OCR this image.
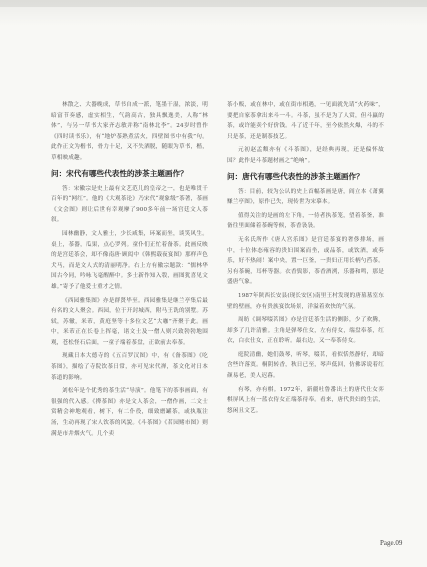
林散之、大器晚成，草书自成一派，笔墨干湿，浓淡，明暗富节奏感，虚实相生，气韵高古，独具飘逸美，人称“林体”，与另一草书大家齐志敏并称“南林北李”。24岁时曾作《四时读书乐》，有“地炉茶熟煮活火，四壁图书中有我”句。此作正文为楷书，骨力十足，又不失洒脱，随眼为草书，楷，草相映成趣。

问：宋代有哪些代表性的涉茶主题画作？

答：宋徽宗是史上最有文艺范儿的皇帝之一，也是唯贯千百年的“网红”。他的《大观茶论》乃宋代“观象级”茶著，茶画《文会图》则让后世有幸观摩了900多年前一场宫廷文人茶叙。

园林幽静，文人雅士，少长咸集，环案而坐，谈笑风生。桌上，茶器，瓜果，点心罗列。童仆们正忙着备茶。此画反映的是宫廷茶会，却不像南唐·顾闳中《韩熙载夜宴图》那样声色犬马，而是文人式的清丽明净。右上方有徽宗题款：“儒林华国古今同，吟咏飞毫醒醉中。多士新作知入彀，画图犹喜见文雄。”寄予了他爱士重才之情。

《西园雅集图》亦是群贤毕至。西园雅集是继兰亭集后最有名的文人聚会。西园，位于开封城西，附马王诜的别墅。苏轼，苏辙，米芾，黄庭坚等十多位文艺“大咖”齐聚于此。画中，米芾正在长卷上挥毫，诸文士及一僧人则兴致勃勃地围观，苍松怪石后面，一童子端着茶盘，正欲前去奉茶。

现藏日本大德寺的《五百罗汉图》中，有《备茶图》《吃茶图》，描绘了寺院饮茶日常，亦可见宋代禅，茶文化对日本茶道的影响。

刘松年是个优秀的茶生活“导演”。他笔下的茶事画面，有很强的代入感。《撵茶图》亦是文人茶会，一僧作画，二文士赏精会神地观看，树下，有二仆役，细致磨罐茶，或执瓶注汤，生动再现了宋人饮茶的风貌。《斗茶图》《茗园赌市图》则满是市井烟火气。几个卖

茶小贩，或在林中，或在街市相遇，一见面就先请“火药味”，要把自家茶拿出来斗一斗。斗茶，虽不是为了人赏，但斗赢的茶，或许能卖个好价钱。斗了近千年，至今依然火爆，斗的不只是茶，还是制茶技艺。

元初赵孟頫亦有《斗茶图》，是经典再现，还是偏怀故国？此作是斗茶题材画之“绝响”。

问：唐代有哪些代表性的涉茶主题画作？

答：目前，较为公认的史上首幅茶画是唐，阎立本《萧翼赚兰亭图》，原作已失，现传世为宋摹本。

值得关注的是画的左下角，一侍者执茶笼，望着茶釜，准备往里面储着茶碗等候，茶香袅袅。

无名氏所作《唐人宫乐图》是宫廷茶宴的奢侈排场，画中，十位体态雍容的贵妇围案而坐，或品茶，或饮酒，或奏乐，好不热闹！案中央，置一巨釜，一贵妇正用长柄勺舀茶。另有茶碗，耳杯等器。衣香鬓影，茶香酒洌，乐器和鸣，那是盛唐气象。

1987年陕西长安县(现长安区)南里王村发现的唐墓墓室东壁的壁画，亦有贵族宴饮场景，洋溢着欢快的气氛。

周昉《调琴啜茗图》亦是宫廷茶生活的侧影，少了欢腾，却多了几许清雅。主角是弹琴仕女，左有侍女，端盘奉茶，红衣，白衣仕女，正在聆听。最右边，又一奉茶侍女。

庭院清幽，她们鼓琴，听琴，啜茗，看似恬然静好，却暗含些许落寞。桐阴转香，秋日已至，琴声低回，仿佛诉说着红颜易老，美人迟暮。

有琴，亦有棋。1972年，新疆吐鲁番出土的唐代仕女弈棋屏风上有一蓝衣侍女正端茶待奉。看来，唐代贵妇的生活，悠闲且文艺。

Page.09
